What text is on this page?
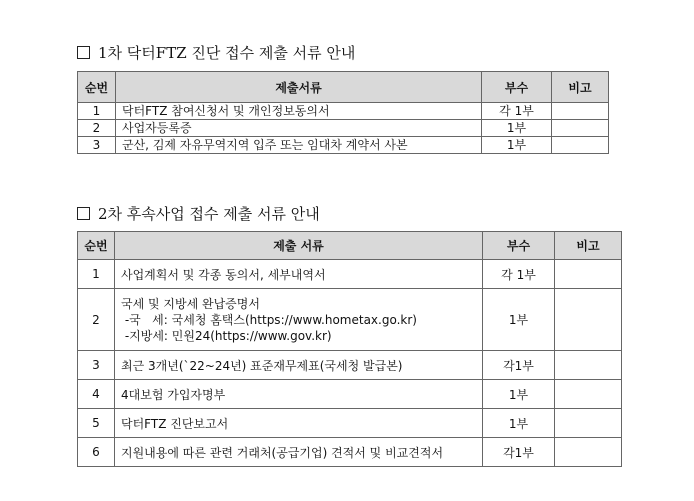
1차 닥터FTZ 진단 접수 제출 서류 안내
순번	제출서류	부수	비고
1	닥터FTZ 참여신청서 및 개인정보동의서	각 1부	
2	사업자등록증	1부	
3	군산, 김제 자유무역지역 입주 또는 임대차 계약서 사본	1부	
2차 후속사업 접수 제출 서류 안내
순번	제출 서류	부수	비고
1	사업계획서 및 각종 동의서, 세부내역서	각 1부	
2	국세 및 지방세 완납증명서
-국   세: 국세청 홈택스(https://www.hometax.go.kr)
-지방세: 민원24(https://www.gov.kr)	1부	
3	최근 3개년(`22~24년) 표준재무제표(국세청 발급본)	각1부	
4	4대보험 가입자명부	1부	
5	닥터FTZ 진단보고서	1부	
6	지원내용에 따른 관련 거래처(공급기업) 견적서 및 비교견적서	각1부	
